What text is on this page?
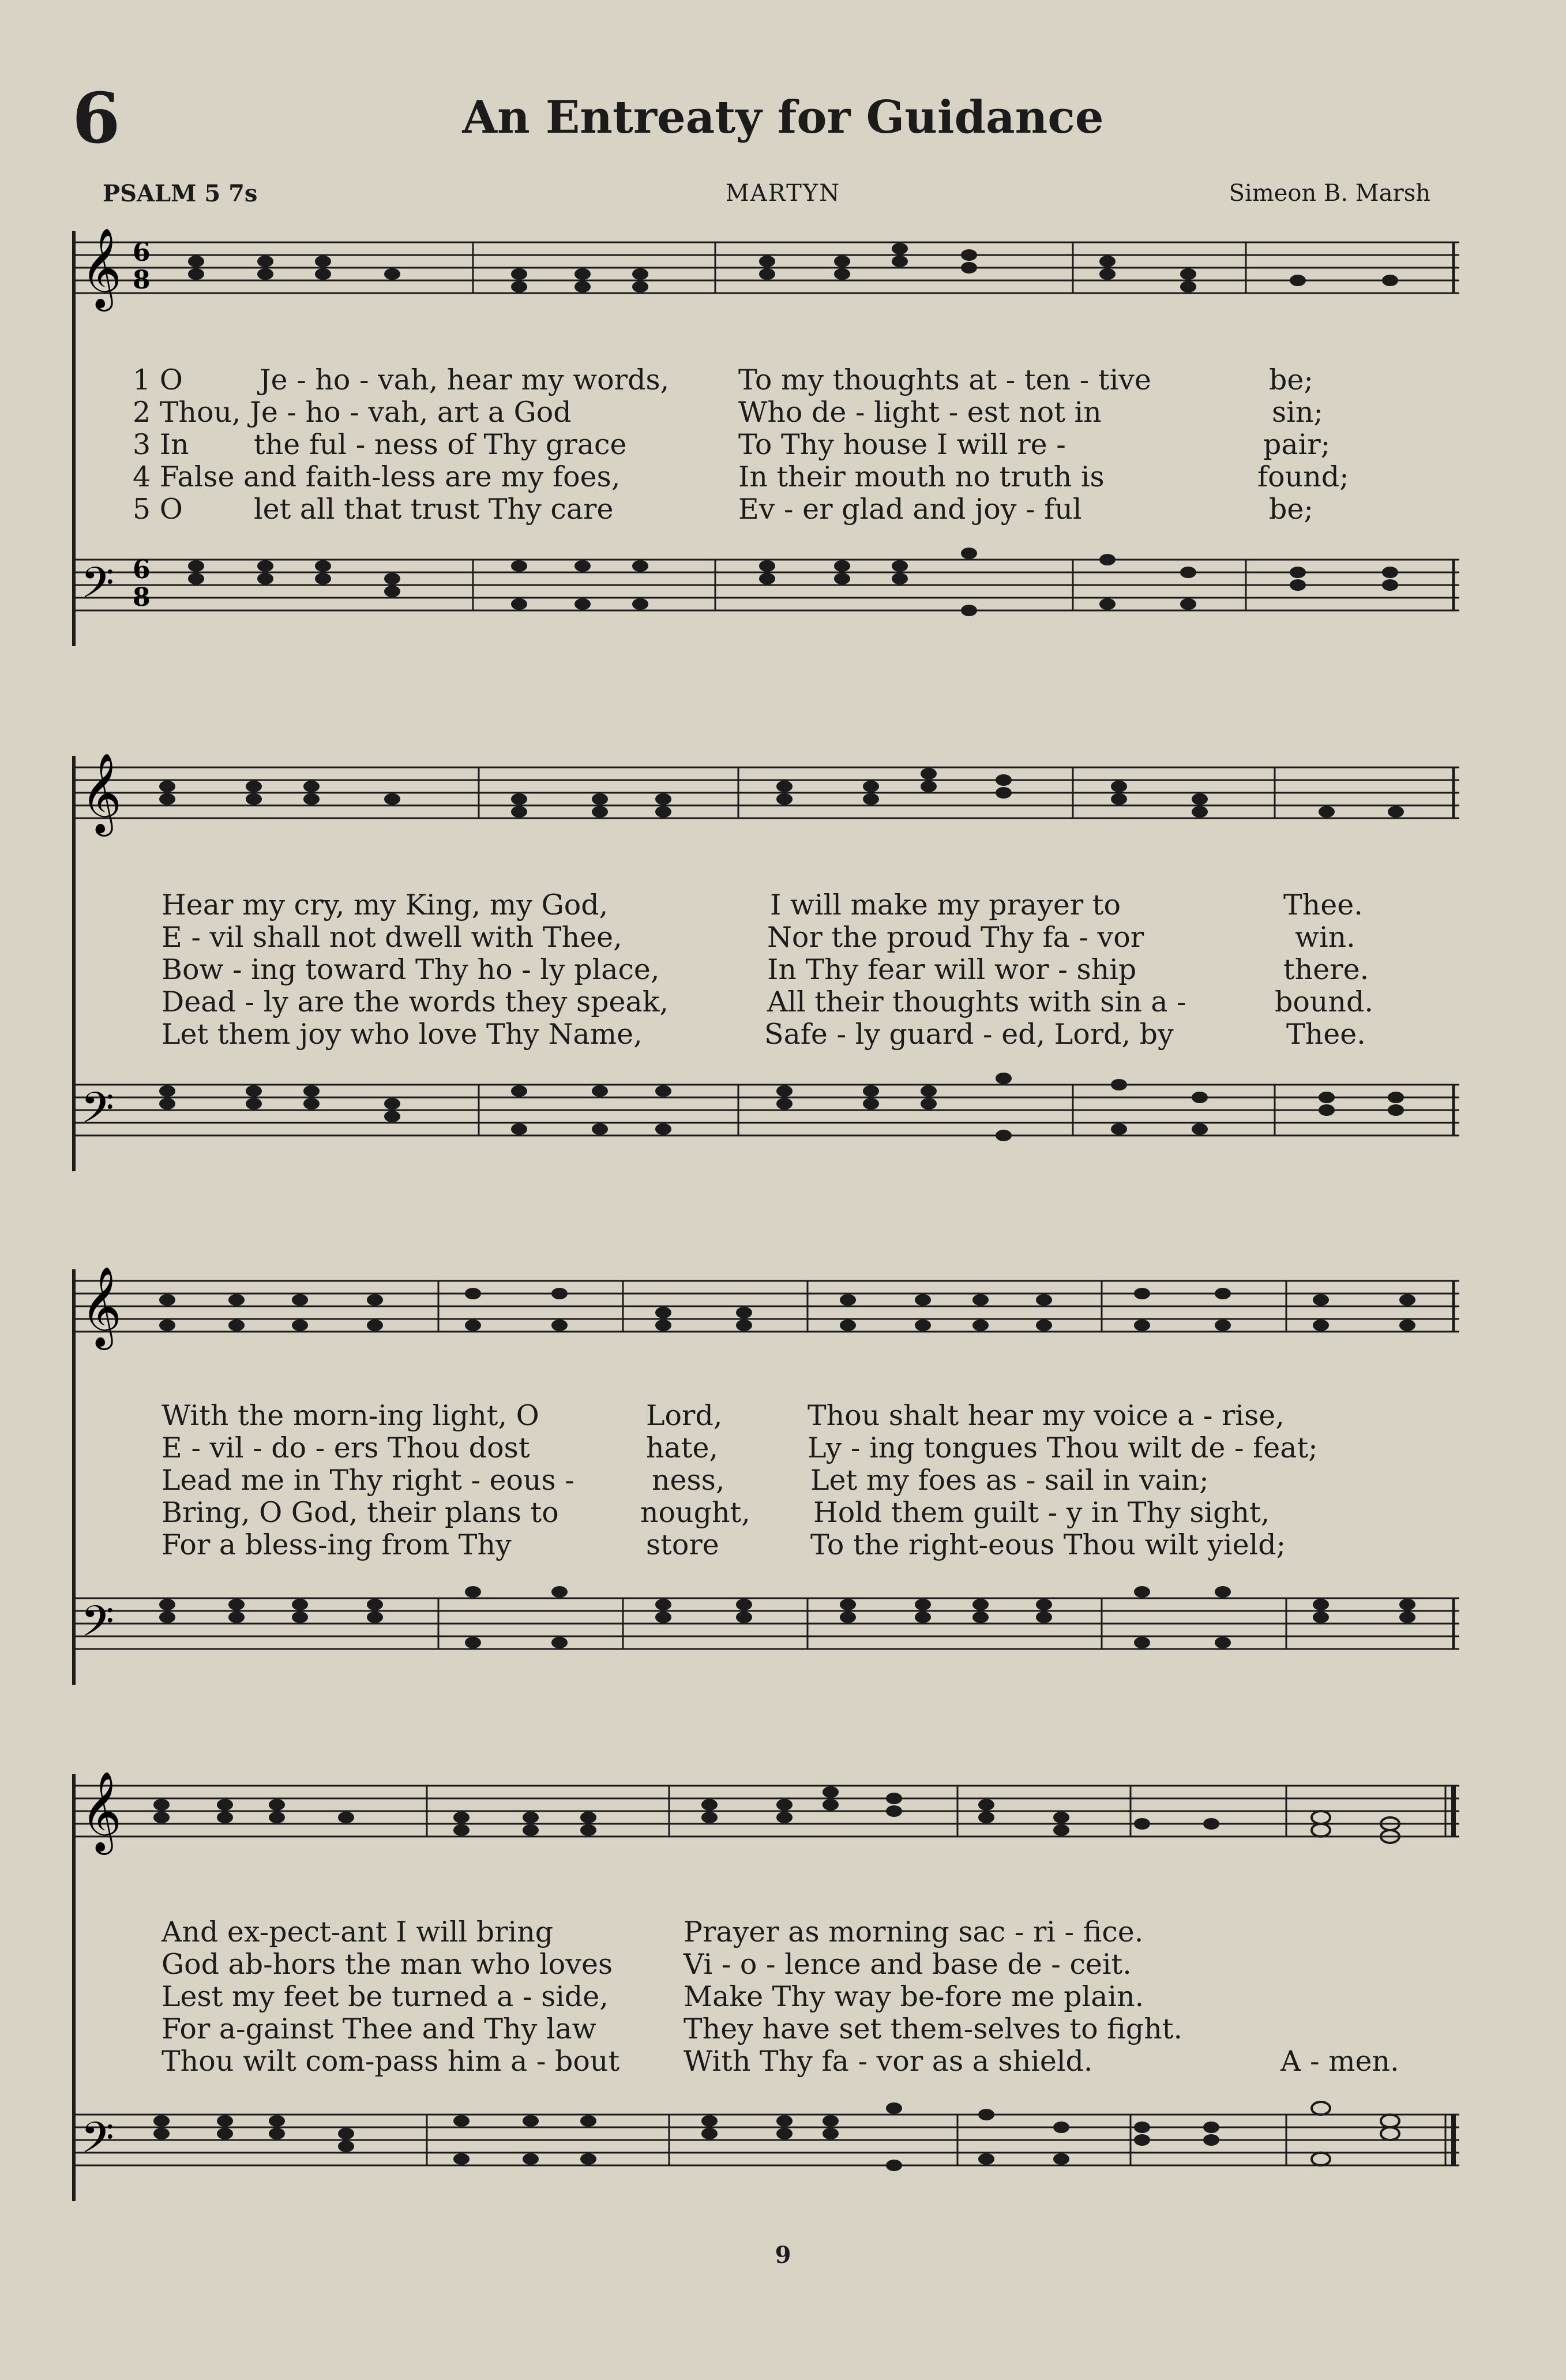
6	An Entreaty for Guidance
PSALM 5 7s	MARTYN	Simeon B. Marsh
𝄞
𝄢
6
8
6
8
1 O	Je - ho - vah, hear my words, To my thoughts at - ten - tive	be;
2 Thou, Je - ho - vah, art a God	Who de - light - est not in	sin;
3 In the ful - ness of Thy grace	To Thy house I will re -	pair;
4 False and faith-less are my foes,	In their mouth no truth is	found;
5 O	let all that trust Thy care	Ev - er glad and joy - ful	be;
𝄞
𝄢
Hear my cry, my King, my God,	I will make my prayer to	Thee.
E - vil shall not dwell with Thee,	Nor the proud Thy fa - vor	win.
Bow - ing toward Thy ho - ly place,	In Thy fear will wor - ship	there.
Dead - ly are the words they speak,	All their thoughts with sin a -	bound.
Let them joy who love Thy Name,	Safe - ly guard - ed, Lord, by	Thee.
𝄞
𝄢
With the morn-ing light, O	Lord,	Thou shalt hear my voice a - rise,
E - vil - do - ers Thou dost	hate,	Ly - ing tongues Thou wilt de - feat;
Lead me in Thy right - eous -	ness,	Let my foes as - sail in vain;
Bring, O God, their plans to	nought, Hold them guilt - y in Thy sight,
For a bless-ing from Thy	store	To the right-eous Thou wilt yield;
𝄞
𝄢
And ex-pect-ant I will bring	Prayer as morning sac - ri - fice.
God ab-hors the man who loves	Vi - o - lence and base de - ceit.
Lest my feet be turned a - side,	Make Thy way be-fore me plain.
For a-gainst Thee and Thy law	They have set them-selves to fight.
Thou wilt com-pass him a - bout With Thy fa - vor as a shield.	A - men.
9
